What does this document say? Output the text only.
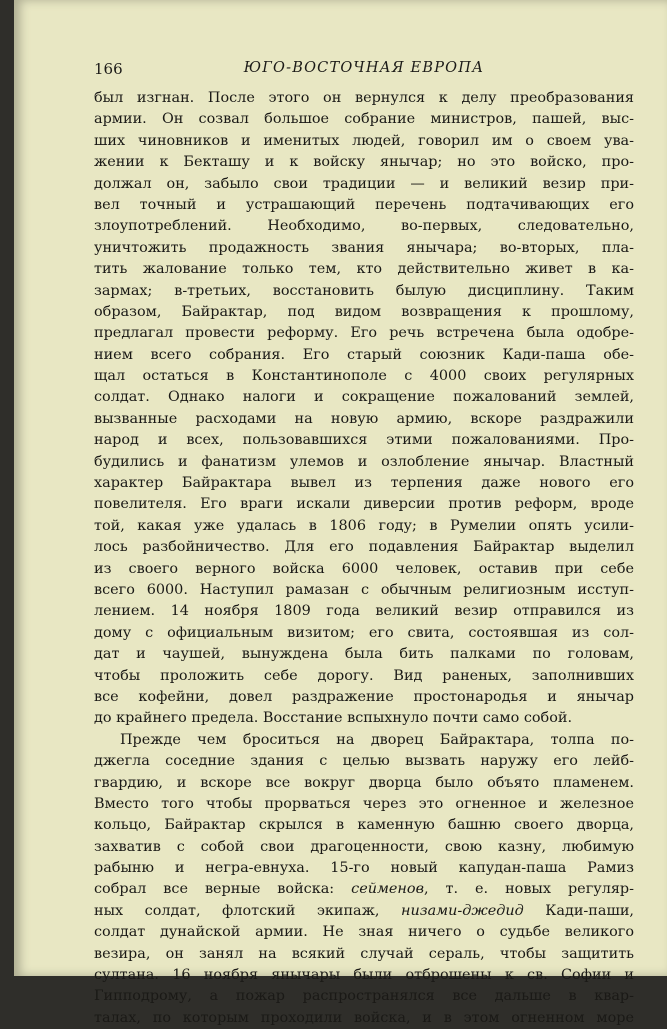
166	ЮГО-ВОСТОЧНАЯ ЕВРОПА
был изгнан. После этого он вернулся к делу преобразования
армии. Он созвал большое собрание министров, пашей, выс-
ших чиновников и именитых людей, говорил им о своем ува-
жении к Бекташу и к войску янычар; но это войско, про-
должал он, забыло свои традиции — и великий везир при-
вел точный и устрашающий перечень подтачивающих его
злоупотреблений. Необходимо, во-первых, следовательно,
уничтожить продажность звания янычара; во-вторых, пла-
тить жалование только тем, кто действительно живет в ка-
зармах; в-третьих, восстановить былую дисциплину. Таким
образом, Байрактар, под видом возвращения к прошлому,
предлагал провести реформу. Его речь встречена была одобре-
нием всего собрания. Его старый союзник Кади-паша обе-
щал остаться в Константинополе с 4000 своих регулярных
солдат. Однако налоги и сокращение пожалований землей,
вызванные расходами на новую армию, вскоре раздражили
народ и всех, пользовавшихся этими пожалованиями. Про-
будились и фанатизм улемов и озлобление янычар. Властный
характер Байрактара вывел из терпения даже нового его
повелителя. Его враги искали диверсии против реформ, вроде
той, какая уже удалась в 1806 году; в Румелии опять усили-
лось разбойничество. Для его подавления Байрактар выделил
из своего верного войска 6000 человек, оставив при себе
всего 6000. Наступил рамазан с обычным религиозным исступ-
лением. 14 ноября 1809 года великий везир отправился из
дому с официальным визитом; его свита, состоявшая из сол-
дат и чаушей, вынуждена была бить палками по головам,
чтобы проложить себе дорогу. Вид раненых, заполнивших
все кофейни, довел раздражение простонародья и янычар
до крайнего предела. Восстание вспыхнуло почти само собой.
Прежде чем броситься на дворец Байрактара, толпа по-
джегла соседние здания с целью вызвать наружу его лейб-
гвардию, и вскоре все вокруг дворца было объято пламенем.
Вместо того чтобы прорваться через это огненное и железное
кольцо, Байрактар скрылся в каменную башню своего дворца,
захватив с собой свои драгоценности, свою казну, любимую
рабыню и негра-евнуха. 15-го новый капудан-паша Рамиз
собрал все верные войска: сейменов, т. е. новых регуляр-
ных солдат, флотский экипаж, низами-джедид Кади-паши,
солдат дунайской армии. Не зная ничего о судьбе великого
везира, он занял на всякий случай сераль, чтобы защитить
султана. 16 ноября янычары были отброшены к св. Софии и
Гипподрому, а пожар распространялся все дальше в квар-
талах, по которым проходили войска, и в этом огненном море
